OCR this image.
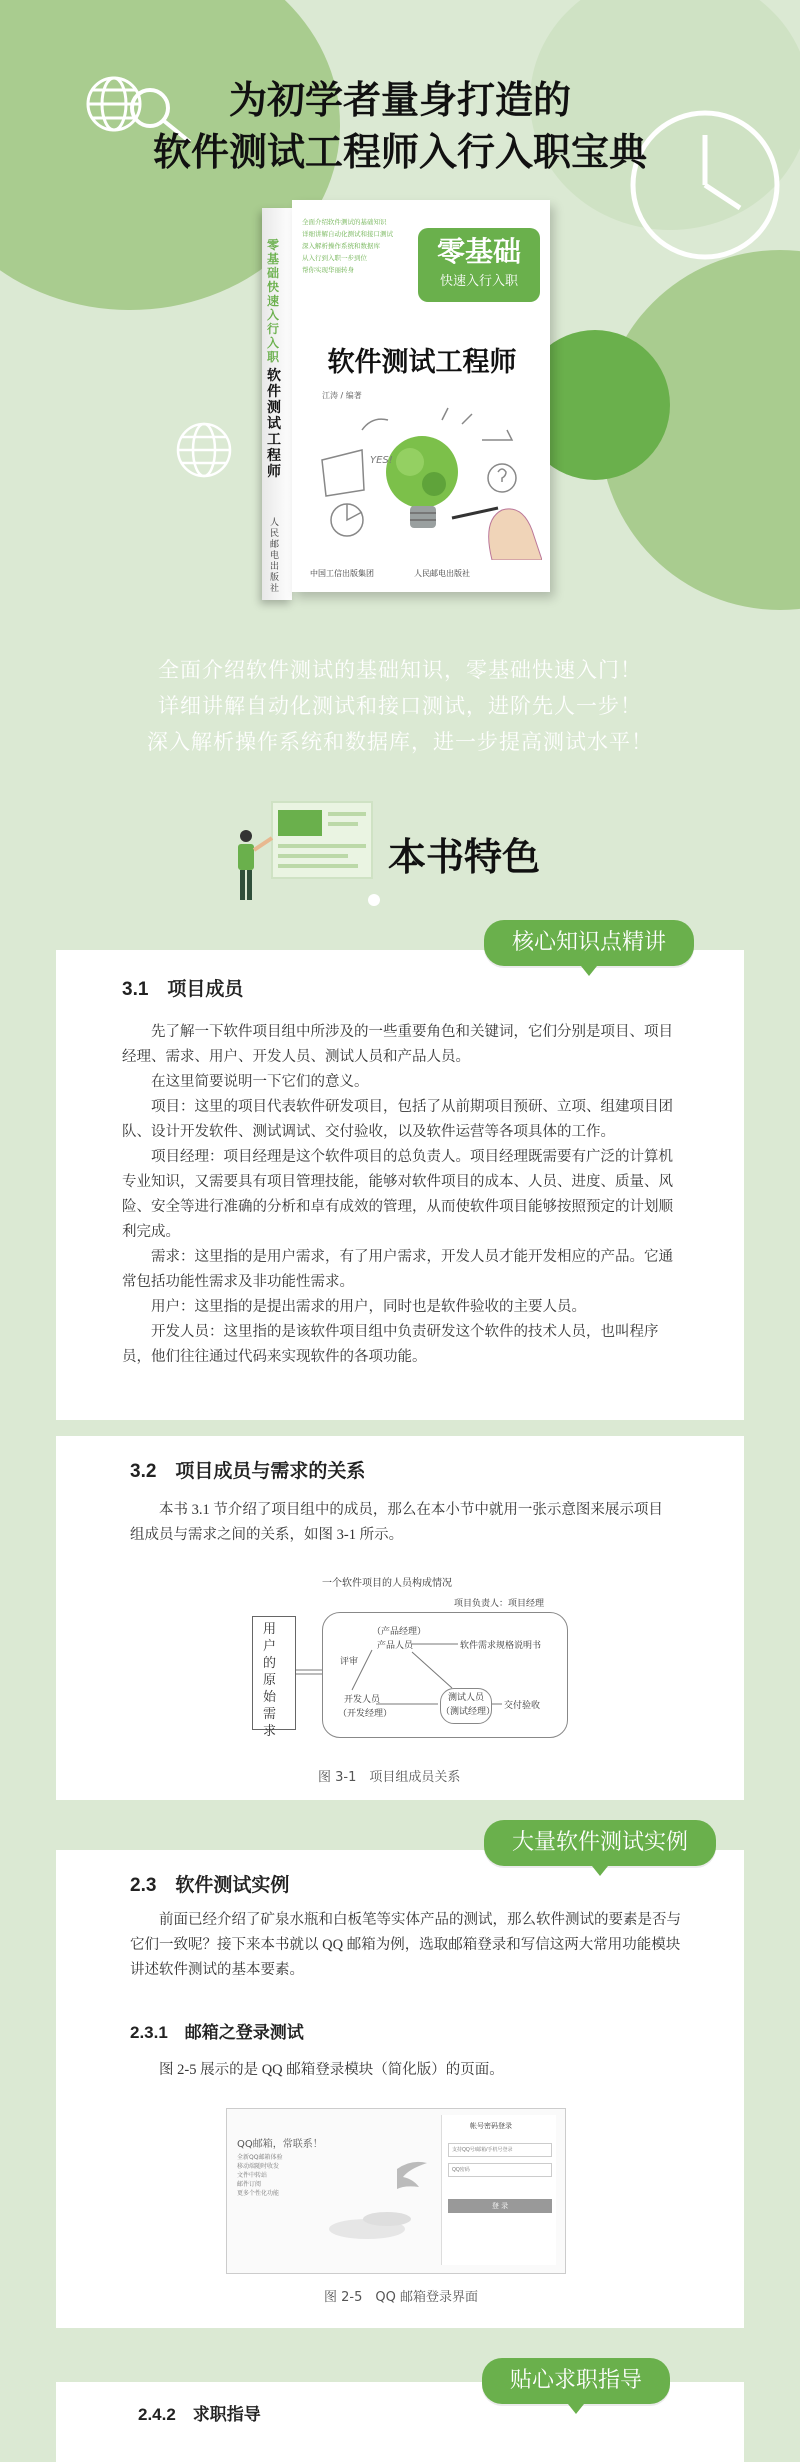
为初学者量身打造的
软件测试工程师入行入职宝典
零基础快速入行入职
软件测试工程师
人民邮电出版社
全面介绍软件测试的基础知识
详细讲解自动化测试和接口测试
深入解析操作系统和数据库
从入行到入职一步到位
帮你实现华丽转身
零基础
快速入行入职
软件测试工程师
江涛 / 编著
YES!
中国工信出版集团	人民邮电出版社
全面介绍软件测试的基础知识，零基础快速入门！
详细讲解自动化测试和接口测试，进阶先人一步！
深入解析操作系统和数据库，进一步提高测试水平！
本书特色
3.1　项目成员

先了解一下软件项目组中所涉及的一些重要角色和关键词，它们分别是项目、项目经理、需求、用户、开发人员、测试人员和产品人员。

在这里简要说明一下它们的意义。

项目：这里的项目代表软件研发项目，包括了从前期项目预研、立项、组建项目团队、设计开发软件、测试调试、交付验收，以及软件运营等各项具体的工作。

项目经理：项目经理是这个软件项目的总负责人。项目经理既需要有广泛的计算机专业知识，又需要具有项目管理技能，能够对软件项目的成本、人员、进度、质量、风险、安全等进行准确的分析和卓有成效的管理，从而使软件项目能够按照预定的计划顺利完成。

需求：这里指的是用户需求，有了用户需求，开发人员才能开发相应的产品。它通常包括功能性需求及非功能性需求。

用户：这里指的是提出需求的用户，同时也是软件验收的主要人员。

开发人员：这里指的是该软件项目组中负责研发这个软件的技术人员，也叫程序员，他们往往通过代码来实现软件的各项功能。

核心知识点精讲
3.2　项目成员与需求的关系

本书 3.1 节介绍了项目组中的成员，那么在本小节中就用一张示意图来展示项目组成员与需求之间的关系，如图 3-1 所示。

一个软件项目的人员构成情况
项目负责人：项目经理
用户的原始需求
（产品经理）
产品人员	软件需求规格说明书
评审
开发人员
（开发经理）
测试人员
（测试经理）
交付验收
图 3-1　项目组成员关系
2.3　软件测试实例

前面已经介绍了矿泉水瓶和白板笔等实体产品的测试，那么软件测试的要素是否与它们一致呢？接下来本书就以 QQ 邮箱为例，选取邮箱登录和写信这两大常用功能模块讲述软件测试的基本要素。

2.3.1　邮箱之登录测试

图 2-5 展示的是 QQ 邮箱登录模块（简化版）的页面。

QQ邮箱，常联系！
全新QQ邮箱体验
移动端随时收发
文件中转站
邮件订阅
更多个性化功能
帐号密码登录
支持QQ号/邮箱/手机号登录
QQ密码
登 录
图 2-5　QQ 邮箱登录界面
大量软件测试实例
2.4.2　求职指导
贴心求职指导
